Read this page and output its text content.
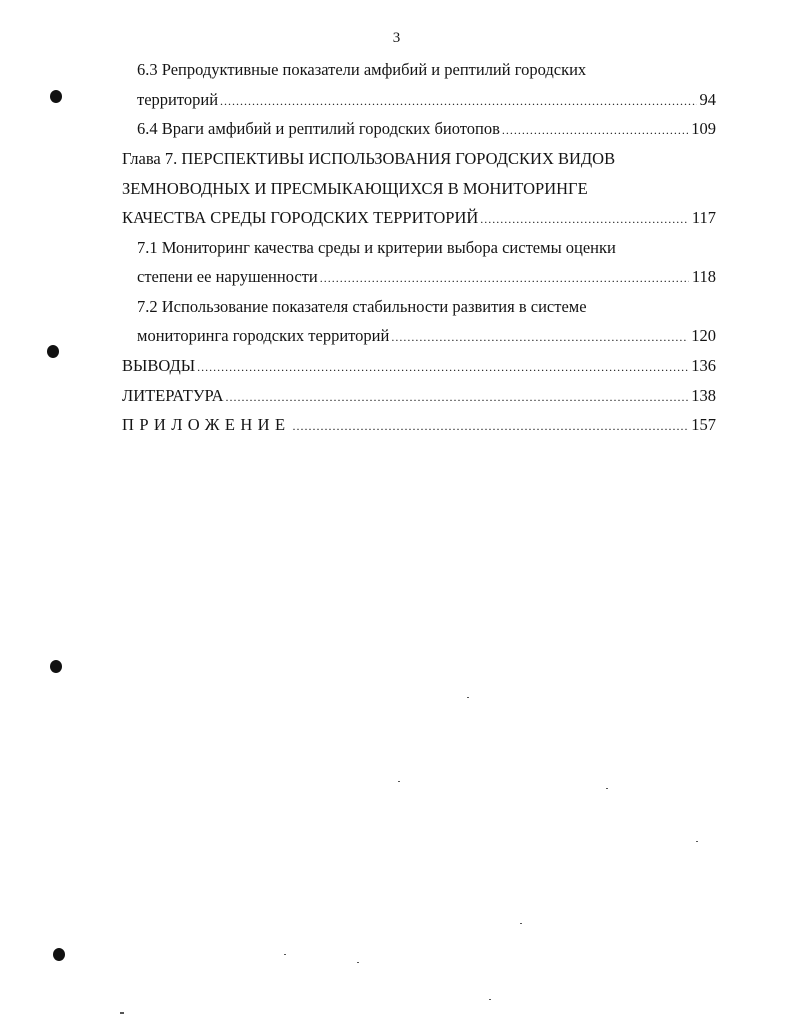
3
6.3 Репродуктивные показатели амфибий и рептилий городских
территорий .....	94
6.4 Враги амфибий и рептилий городских биотопов .....	109
Глава 7. ПЕРСПЕКТИВЫ ИСПОЛЬЗОВАНИЯ ГОРОДСКИХ ВИДОВ
ЗЕМНОВОДНЫХ И ПРЕСМЫКАЮЩИХСЯ В МОНИТОРИНГЕ
КАЧЕСТВА СРЕДЫ ГОРОДСКИХ ТЕРРИТОРИЙ .....	117
7.1 Мониторинг качества среды и критерии выбора системы оценки
степени ее нарушенности .....	118
7.2 Использование показателя стабильности развития в системе
мониторинга городских территорий .....	120
ВЫВОДЫ .....	136
ЛИТЕРАТУРА .....	138
ПРИЛОЖЕНИЕ .....	157
